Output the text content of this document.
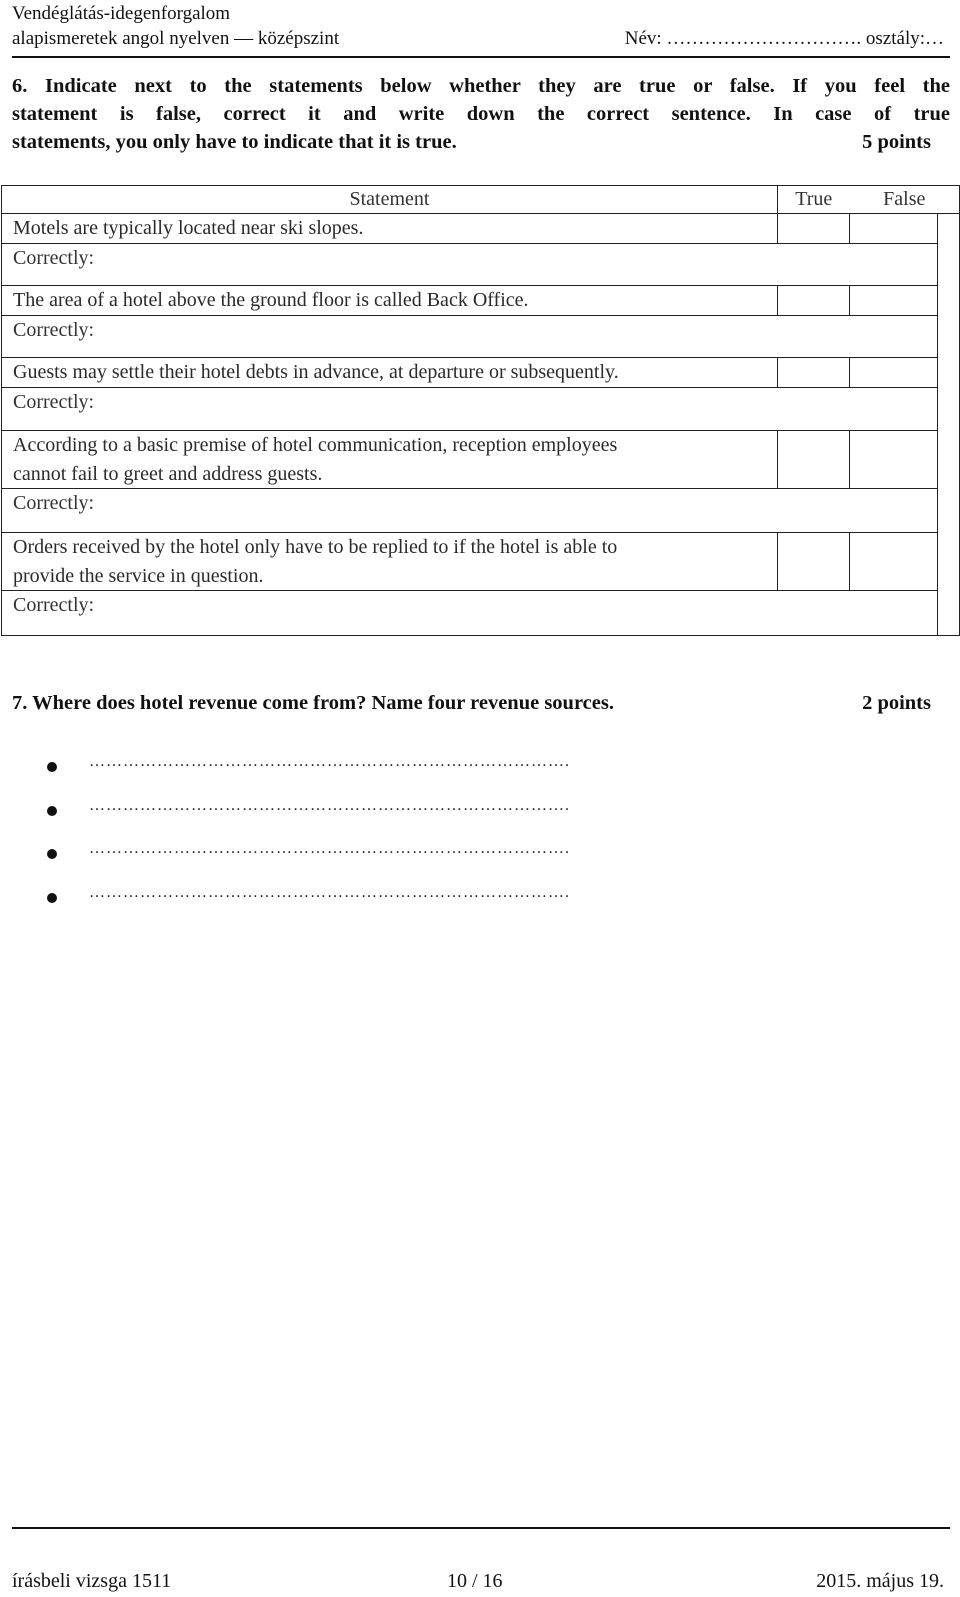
Vendéglátás-idegenforgalom
alapismeretek angol nyelven — középszint	Név: …………………………. osztály:…
6. Indicate next to the statements below whether they are true or false. If you feel the
statement is false, correct it and write down the correct sentence. In case of true
statements, you only have to indicate that it is true.	5 points
Statement	True	False	

Motels are typically located near ski slopes.			

Correctly:			

The area of a hotel above the ground floor is called Back Office.			

Correctly:			

Guests may settle their hotel debts in advance, at departure or subsequently.			

Correctly:			

According to a basic premise of hotel communication, reception employees
cannot fail to greet and address guests.			

Correctly:			

Orders received by the hotel only have to be replied to if the hotel is able to
provide the service in question.			

Correctly:			
7. Where does hotel revenue come from? Name four revenue sources.	2 points
………………………………………………………………………….
………………………………………………………………………….
………………………………………………………………………….
………………………………………………………………………….
írásbeli vizsga 1511	10 / 16	2015. május 19.
